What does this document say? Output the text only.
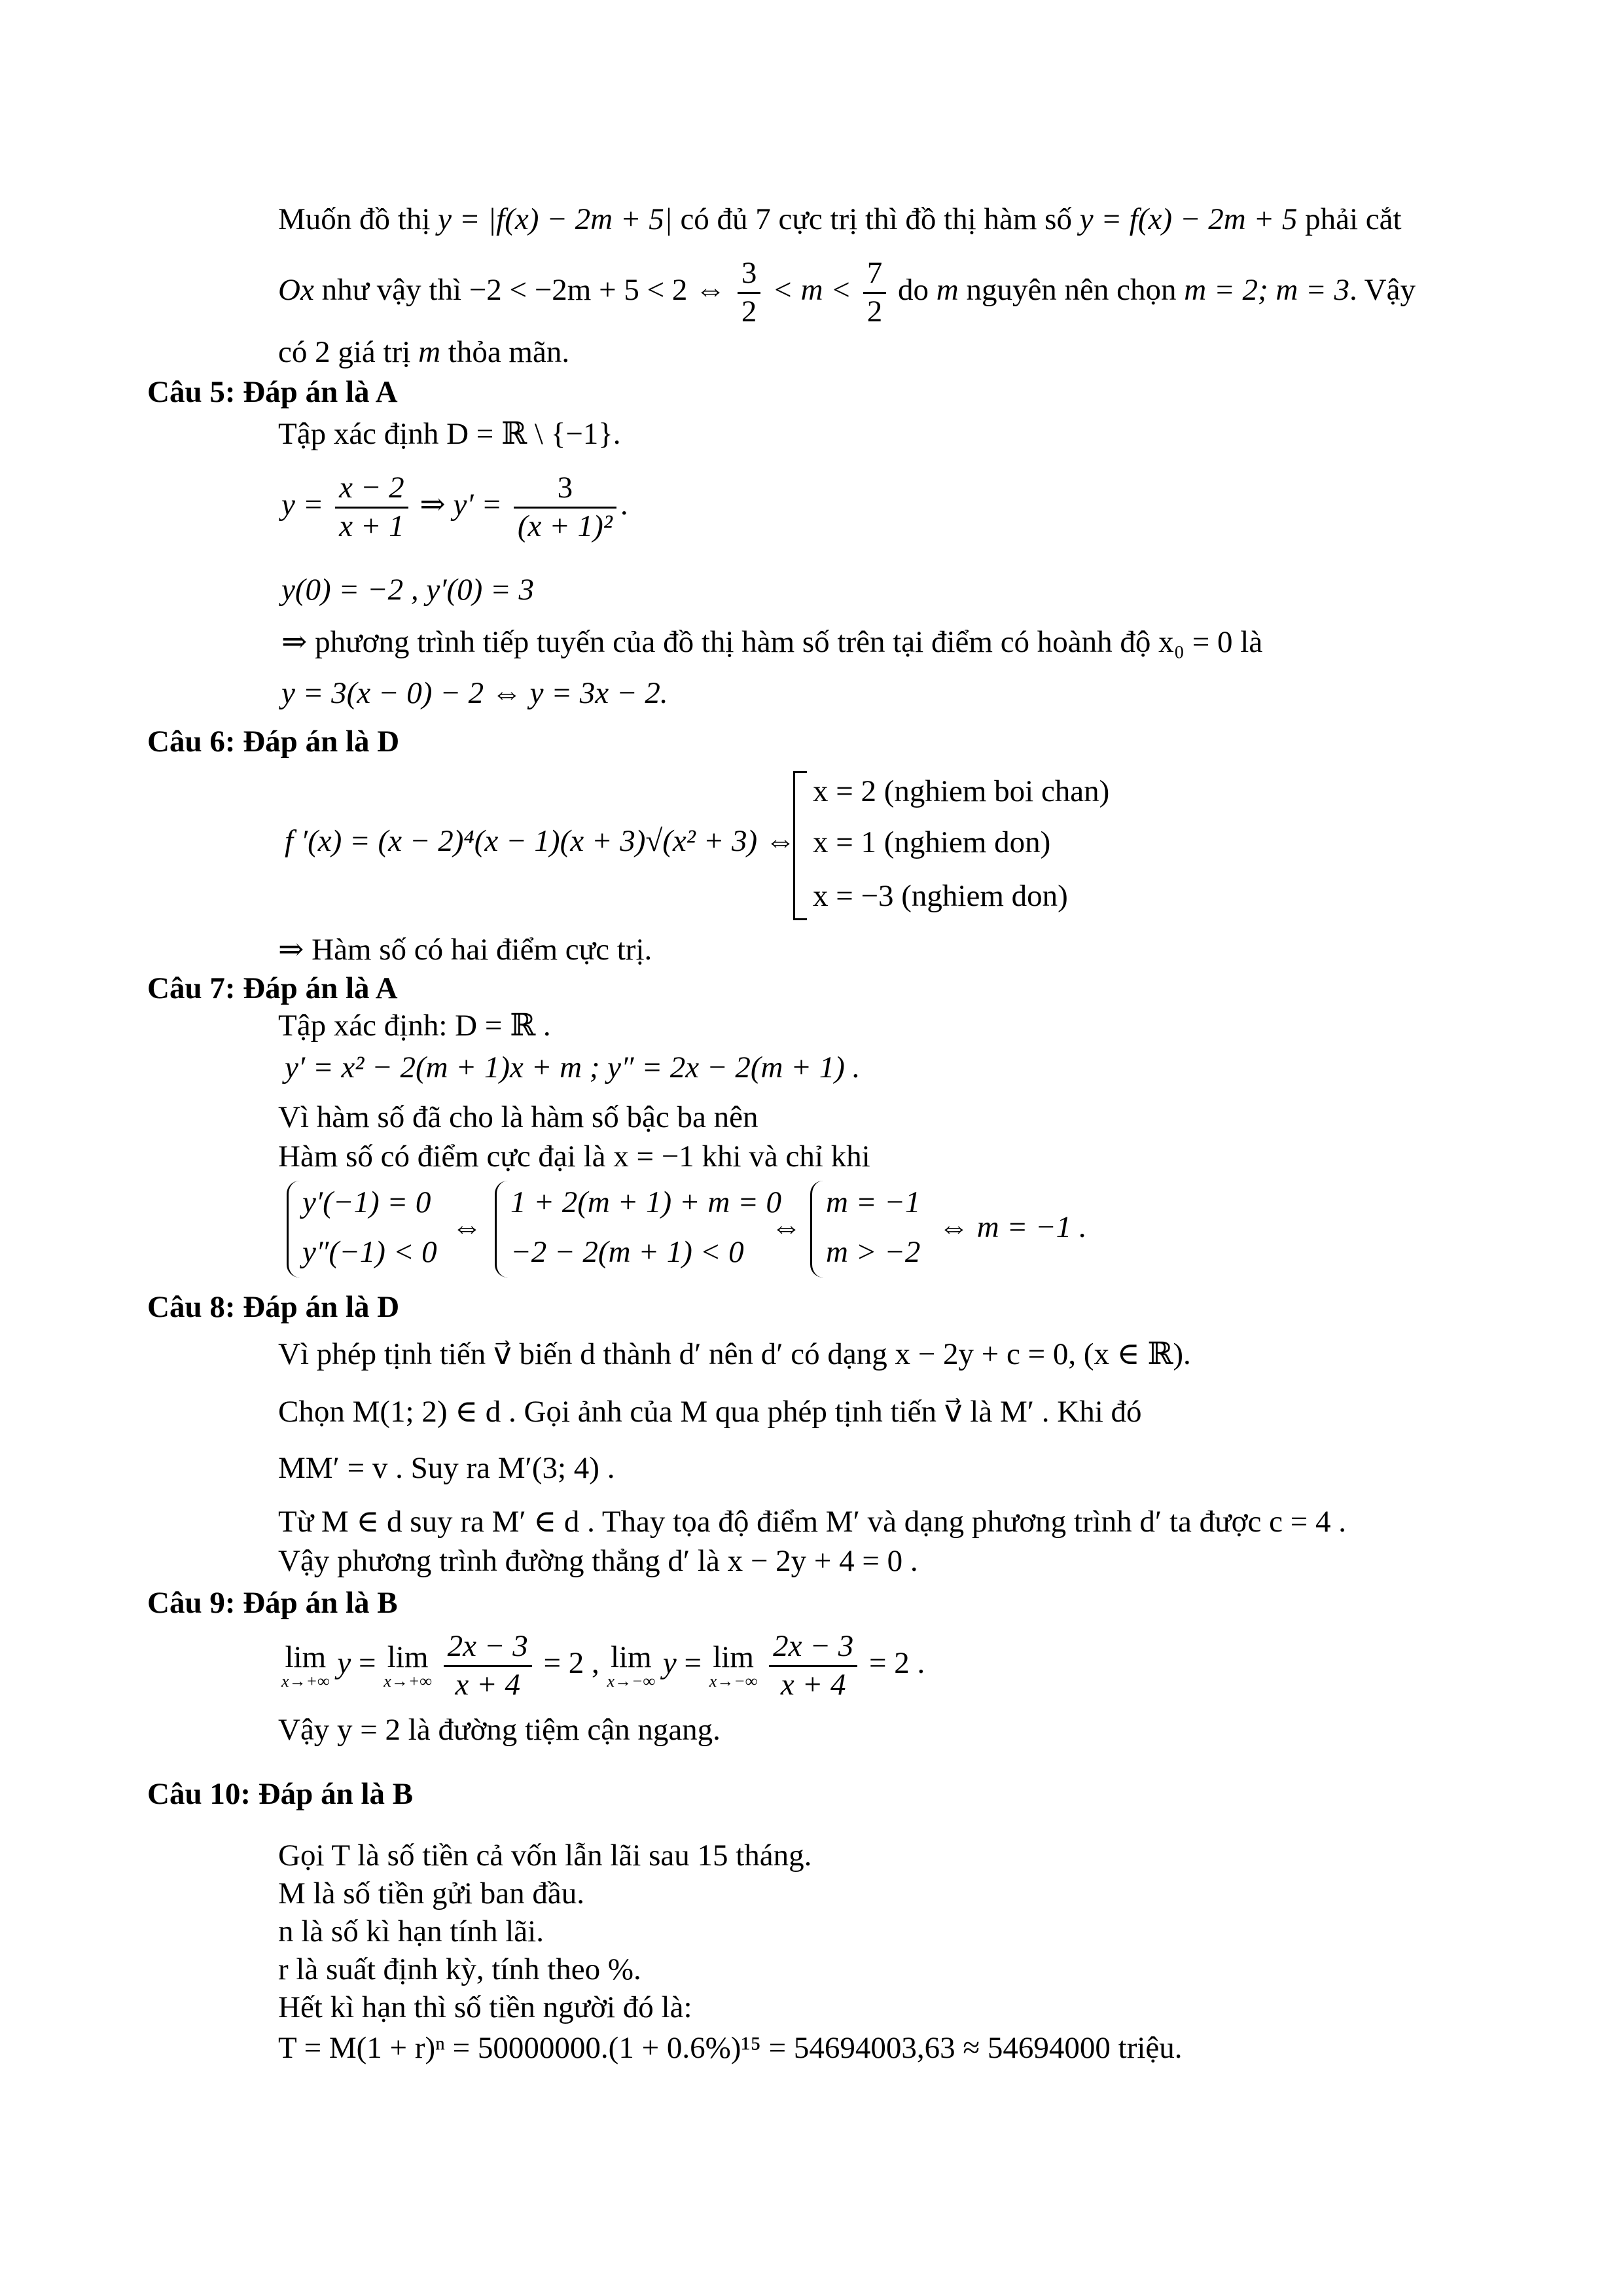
Muốn đồ thị y = |f(x) − 2m + 5| có đủ 7 cực trị thì đồ thị hàm số y = f(x) − 2m + 5 phải cắt
Ox như vậy thì −2 < −2m + 5 < 2 ⇔ $\frac{3}{2} < m < \frac{7}{2}$ do m nguyên nên chọn m = 2; m = 3. Vậy
có 2 giá trị m thỏa mãn.
Câu 5: Đáp án là A
Tập xác định D = ℝ \ {−1}.
$y = \frac{x - 2}{x + 1}$ ⇒ $y' = \frac{3}{\text{(x + 1)²}}$ .
y(0) = −2 , y′(0) = 3
⇒ phương trình tiếp tuyến của đồ thị hàm số trên tại điểm có hoành độ x₀ = 0 là
y = 3(x − 0) − 2 ⇔ y = 3x − 2.
Câu 6: Đáp án là D
f ′(x) = (x − 2)⁴(x − 1)(x + 3)√(x² + 3) ⇔
x = 2 (nghiem boi chan)
x = 1 (nghiem don)
x = −3 (nghiem don)
⇒ Hàm số có hai điểm cực trị.
Câu 7: Đáp án là A
Tập xác định: D = ℝ .
y′ = x² − 2(m + 1)x + m ; y″ = 2x − 2(m + 1) .
Vì hàm số đã cho là hàm số bậc ba nên
Hàm số có điểm cực đại là x = −1 khi và chỉ khi
y′(−1) = 0
y″(−1) < 0
⇔
1 + 2(m + 1) + m = 0
−2 − 2(m + 1) < 0
⇔
m = −1
m > −2
⇔ m = −1 .
Câu 8: Đáp án là D
Vì phép tịnh tiến v⃗ biến d thành d′ nên d′ có dạng x − 2y + c = 0, (x ∈ ℝ).
Chọn M(1; 2) ∈ d . Gọi ảnh của M qua phép tịnh tiến v⃗ là M′ . Khi đó
MM′ = v . Suy ra M′(3; 4) .
Từ M ∈ d suy ra M′ ∈ d . Thay tọa độ điểm M′ và dạng phương trình d′ ta được c = 4 .
Vậy phương trình đường thẳng d′ là x − 2y + 4 = 0 .
Câu 9: Đáp án là B
lim
x→+∞
y = lim
x→+∞
$\frac{2x - 3}{x + 4} = 2$ , lim
x→−∞
y = lim
x→−∞
$\frac{2x - 3}{x + 4} = 2$ .
Vậy y = 2 là đường tiệm cận ngang.
Câu 10: Đáp án là B
Gọi T là số tiền cả vốn lẫn lãi sau 15 tháng.
M là số tiền gửi ban đầu.
n là số kì hạn tính lãi.
r là suất định kỳ, tính theo %.
Hết kì hạn thì số tiền người đó là:
T = M(1 + r)ⁿ = 50000000.(1 + 0.6%)¹⁵ = 54694003,63 ≈ 54694000 triệu.
